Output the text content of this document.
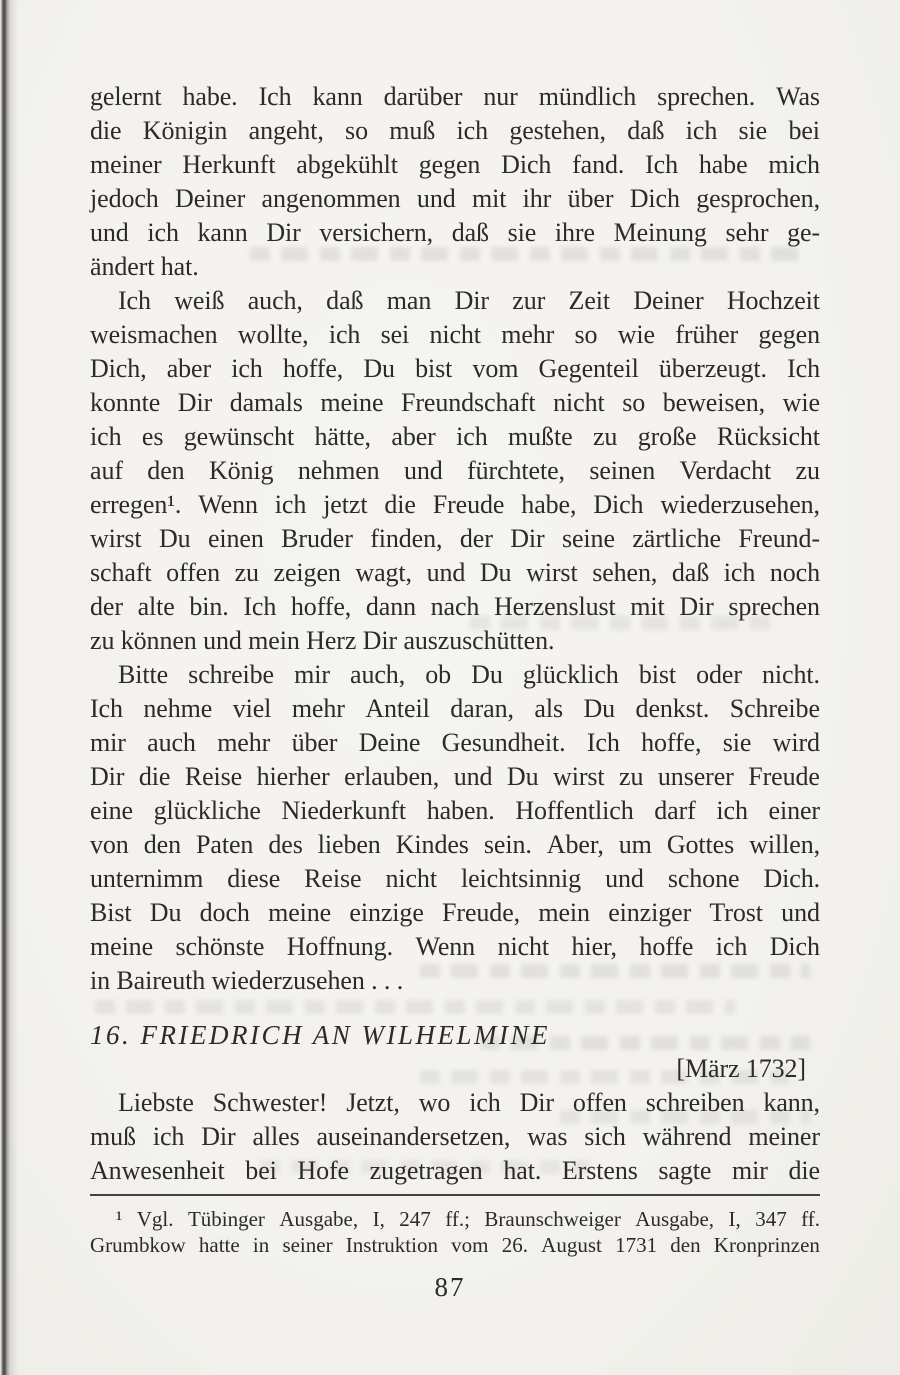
gelernt habe. Ich kann darüber nur mündlich sprechen. Was
die Königin angeht, so muß ich gestehen, daß ich sie bei
meiner Herkunft abgekühlt gegen Dich fand. Ich habe mich
jedoch Deiner angenommen und mit ihr über Dich gesprochen,
und ich kann Dir versichern, daß sie ihre Meinung sehr ge-
ändert hat.
Ich weiß auch, daß man Dir zur Zeit Deiner Hochzeit
weismachen wollte, ich sei nicht mehr so wie früher gegen
Dich, aber ich hoffe, Du bist vom Gegenteil überzeugt. Ich
konnte Dir damals meine Freundschaft nicht so beweisen, wie
ich es gewünscht hätte, aber ich mußte zu große Rücksicht
auf den König nehmen und fürchtete, seinen Verdacht zu
erregen¹. Wenn ich jetzt die Freude habe, Dich wiederzusehen,
wirst Du einen Bruder finden, der Dir seine zärtliche Freund-
schaft offen zu zeigen wagt, und Du wirst sehen, daß ich noch
der alte bin. Ich hoffe, dann nach Herzenslust mit Dir sprechen
zu können und mein Herz Dir auszuschütten.
Bitte schreibe mir auch, ob Du glücklich bist oder nicht.
Ich nehme viel mehr Anteil daran, als Du denkst. Schreibe
mir auch mehr über Deine Gesundheit. Ich hoffe, sie wird
Dir die Reise hierher erlauben, und Du wirst zu unserer Freude
eine glückliche Niederkunft haben. Hoffentlich darf ich einer
von den Paten des lieben Kindes sein. Aber, um Gottes willen,
unternimm diese Reise nicht leichtsinnig und schone Dich.
Bist Du doch meine einzige Freude, mein einziger Trost und
meine schönste Hoffnung. Wenn nicht hier, hoffe ich Dich
in Baireuth wiederzusehen . . .
16. FRIEDRICH AN WILHELMINE
[März 1732]
Liebste Schwester! Jetzt, wo ich Dir offen schreiben kann,
muß ich Dir alles auseinandersetzen, was sich während meiner
Anwesenheit bei Hofe zugetragen hat. Erstens sagte mir die
¹ Vgl. Tübinger Ausgabe, I, 247 ff.; Braunschweiger Ausgabe, I, 347 ff.
Grumbkow hatte in seiner Instruktion vom 26. August 1731 den Kronprinzen
87
